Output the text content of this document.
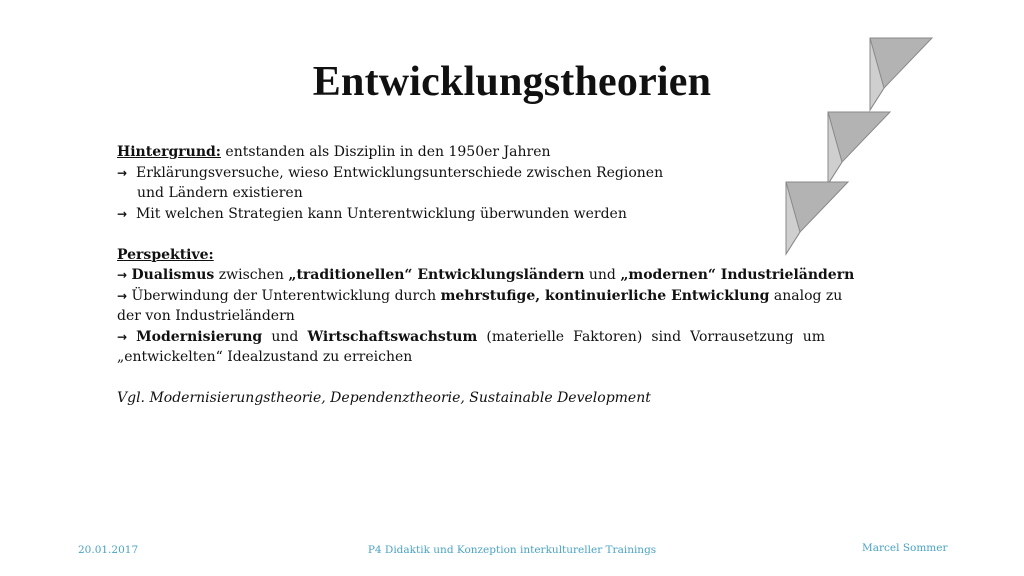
Entwicklungstheorien
Hintergrund: entstanden als Disziplin in den 1950er Jahren
→ Erklärungsversuche, wieso Entwicklungsunterschiede zwischen Regionen
und Ländern existieren
→ Mit welchen Strategien kann Unterentwicklung überwunden werden
Perspektive:
→ Dualismus zwischen „traditionellen“ Entwicklungsländern und „modernen“ Industrieländern
→ Überwindung der Unterentwicklung durch mehrstufige, kontinuierliche Entwicklung analog zu
der von Industrieländern
→ Modernisierung und Wirtschaftswachstum (materielle Faktoren) sind Vorrausetzung um
„entwickelten“ Idealzustand zu erreichen
Vgl. Modernisierungstheorie, Dependenztheorie, Sustainable Development
20.01.2017	P4 Didaktik und Konzeption interkultureller Trainings	Marcel Sommer
